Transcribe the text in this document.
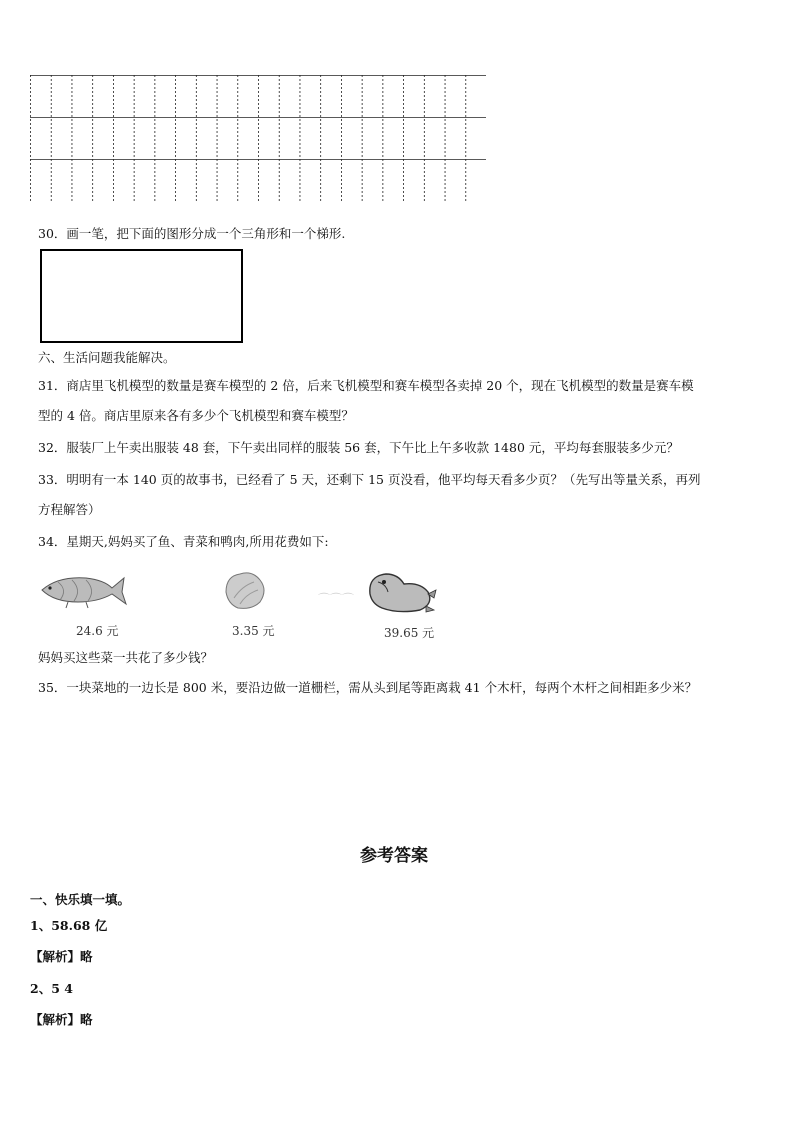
30．画一笔，把下面的图形分成一个三角形和一个梯形.
六、生活问题我能解决。
31．商店里飞机模型的数量是赛车模型的 2 倍，后来飞机模型和赛车模型各卖掉 20 个，现在飞机模型的数量是赛车模
型的 4 倍。商店里原来各有多少个飞机模型和赛车模型？
32．服装厂上午卖出服装 48 套，下午卖出同样的服装 56 套，下午比上午多收款 1480 元，平均每套服装多少元？
33．明明有一本 140 页的故事书，已经看了 5 天，还剩下 15 页没看，他平均每天看多少页？（先写出等量关系，再列
方程解答）
34．星期天,妈妈买了鱼、青菜和鸭肉,所用花费如下:
24.6 元
⌒⌒⌒
3.35 元	39.65 元
妈妈买这些菜一共花了多少钱？
35．一块菜地的一边长是 800 米，要沿边做一道栅栏，需从头到尾等距离栽 41 个木杆，每两个木杆之间相距多少米？
参考答案
一、快乐填一填。
1、58.68 亿
【解析】略
2、5 4
【解析】略
